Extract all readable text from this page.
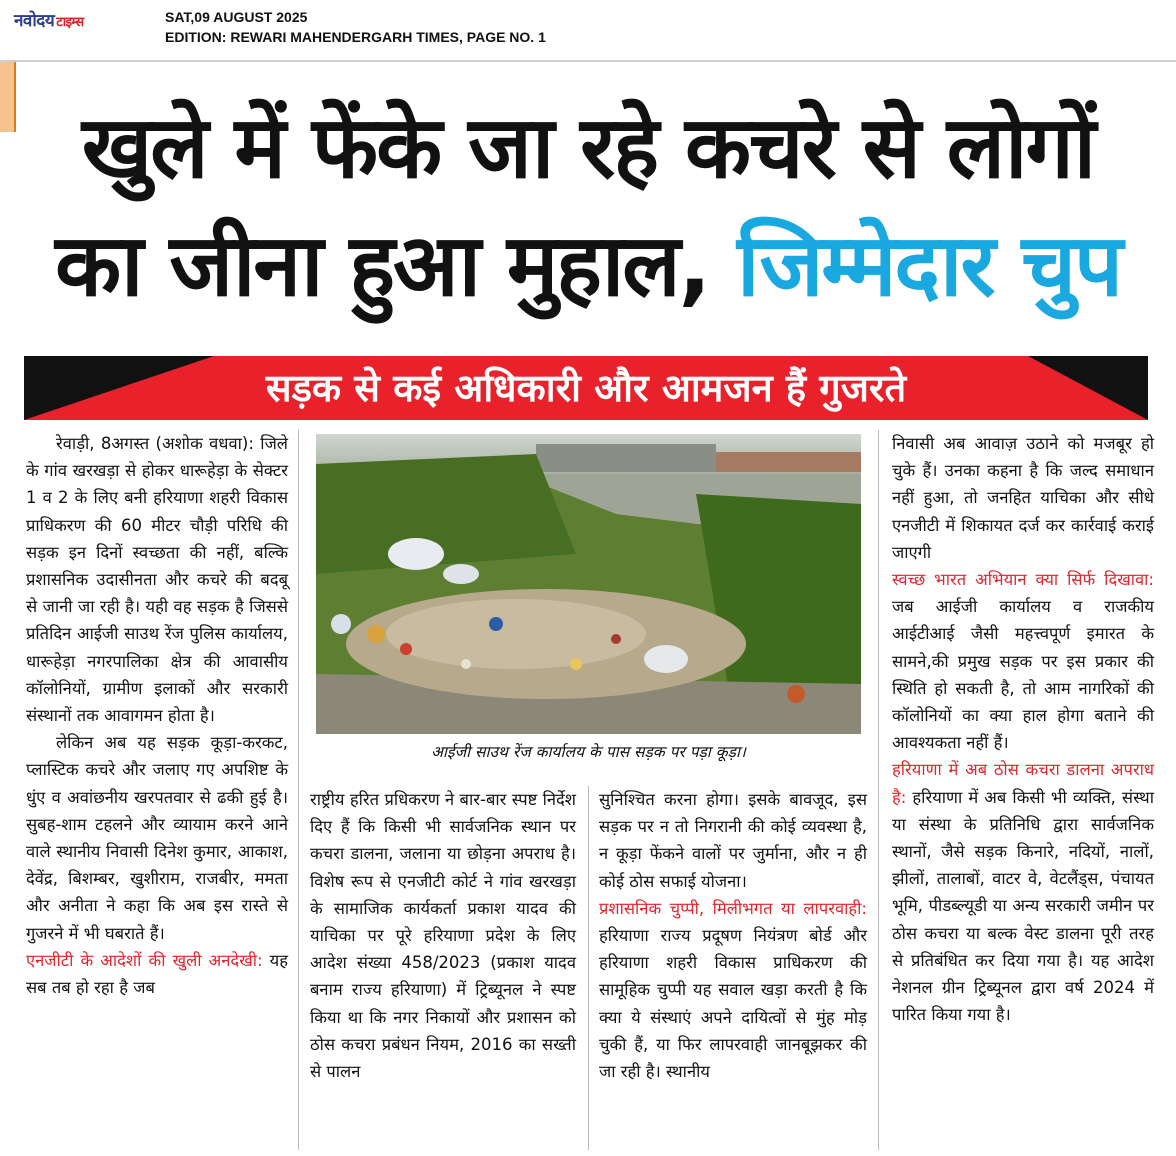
नवोदय टाइम्स	SAT,09 AUGUST 2025
EDITION: REWARI MAHENDERGARH TIMES, PAGE NO. 1
खुले में फेंके जा रहे कचरे से लोगों
का जीना हुआ मुहाल, जिम्मेदार चुप
सड़क से कई अधिकारी और आमजन हैं गुजरते

रेवाड़ी, 8अगस्त (अशोक वधवा): जिले के गांव खरखड़ा से होकर धारूहेड़ा के सेक्टर 1 व 2 के लिए बनी हरियाणा शहरी विकास प्राधिकरण की 60 मीटर चौड़ी परिधि की सड़क इन दिनों स्वच्छता की नहीं, बल्कि प्रशासनिक उदासीनता और कचरे की बदबू से जानी जा रही है। यही वह सड़क है जिससे प्रतिदिन आईजी साउथ रेंज पुलिस कार्यालय, धारूहेड़ा नगरपालिका क्षेत्र की आवासीय कॉलोनियों, ग्रामीण इलाकों और सरकारी संस्थानों तक आवागमन होता है।

लेकिन अब यह सड़क कूड़ा-करकट, प्लास्टिक कचरे और जलाए गए अपशिष्ट के धुंए व अवांछनीय खरपतवार से ढकी हुई है। सुबह-शाम टहलने और व्यायाम करने आने वाले स्थानीय निवासी दिनेश कुमार, आकाश, देवेंद्र, बिशम्बर, खुशीराम, राजबीर, ममता और अनीता ने कहा कि अब इस रास्ते से गुजरने में भी घबराते हैं।

एनजीटी के आदेशों की खुली अनदेखी: यह सब तब हो रहा है जब

आईजी साउथ रेंज कार्यालय के पास सड़क पर पड़ा कूड़ा।

राष्ट्रीय हरित प्रधिकरण ने बार-बार स्पष्ट निर्देश दिए हैं कि किसी भी सार्वजनिक स्थान पर कचरा डालना, जलाना या छोड़ना अपराध है। विशेष रूप से एनजीटी कोर्ट ने गांव खरखड़ा के सामाजिक कार्यकर्ता प्रकाश यादव की याचिका पर पूरे हरियाणा प्रदेश के लिए आदेश संख्या 458/2023 (प्रकाश यादव बनाम राज्य हरियाणा) में ट्रिब्यूनल ने स्पष्ट किया था कि नगर निकायों और प्रशासन को ठोस कचरा प्रबंधन नियम, 2016 का सख्ती से पालन

सुनिश्चित करना होगा। इसके बावजूद, इस सड़क पर न तो निगरानी की कोई व्यवस्था है, न कूड़ा फेंकने वालों पर जुर्माना, और न ही कोई ठोस सफाई योजना।

प्रशासनिक चुप्पी, मिलीभगत या लापरवाही: हरियाणा राज्य प्रदूषण नियंत्रण बोर्ड और हरियाणा शहरी विकास प्राधिकरण की सामूहिक चुप्पी यह सवाल खड़ा करती है कि क्या ये संस्थाएं अपने दायित्वों से मुंह मोड़ चुकी हैं, या फिर लापरवाही जानबूझकर की जा रही है। स्थानीय

निवासी अब आवाज़ उठाने को मजबूर हो चुके हैं। उनका कहना है कि जल्द समाधान नहीं हुआ, तो जनहित याचिका और सीधे एनजीटी में शिकायत दर्ज कर कार्रवाई कराई जाएगी

स्वच्छ भारत अभियान क्या सिर्फ दिखावा: जब आईजी कार्यालय व राजकीय आईटीआई जैसी महत्त्वपूर्ण इमारत के सामने,की प्रमुख सड़क पर इस प्रकार की स्थिति हो सकती है, तो आम नागरिकों की कॉलोनियों का क्या हाल होगा बताने की आवश्यकता नहीं हैं।

हरियाणा में अब ठोस कचरा डालना अपराध है: हरियाणा में अब किसी भी व्यक्ति, संस्था या संस्था के प्रतिनिधि द्वारा सार्वजनिक स्थानों, जैसे सड़क किनारे, नदियों, नालों, झीलों, तालाबों, वाटर वे, वेटलैंड्स, पंचायत भूमि, पीडब्ल्यूडी या अन्य सरकारी जमीन पर ठोस कचरा या बल्क वेस्ट डालना पूरी तरह से प्रतिबंधित कर दिया गया है। यह आदेश नेशनल ग्रीन ट्रिब्यूनल द्वारा वर्ष 2024 में पारित किया गया है।
